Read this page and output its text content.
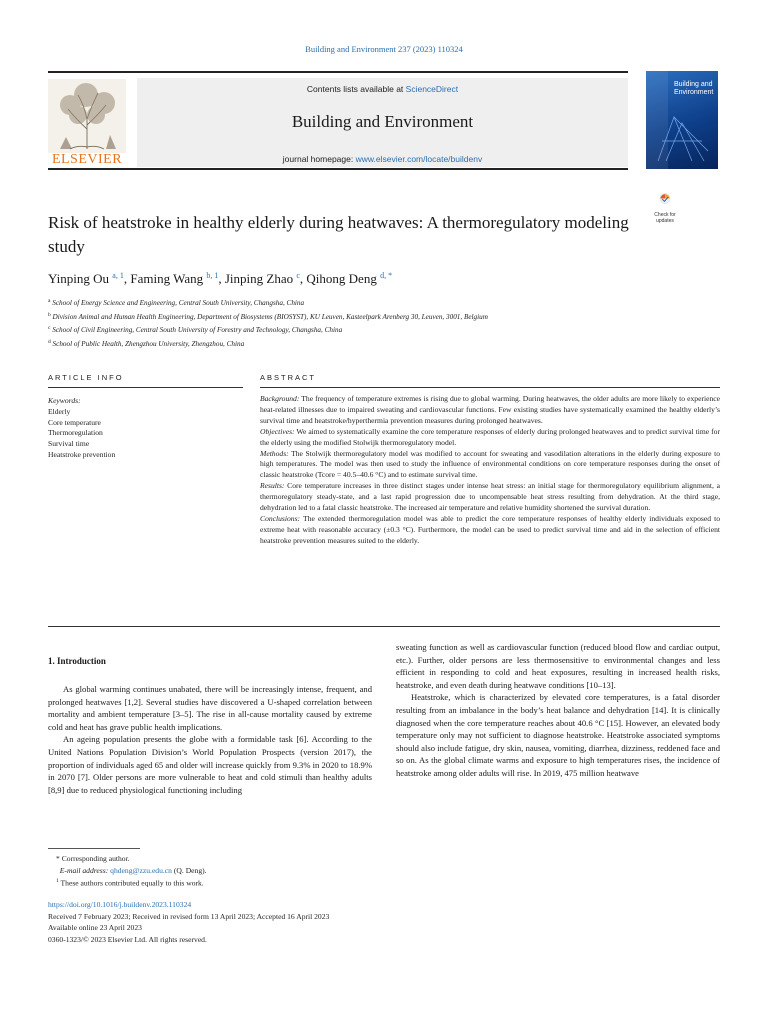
Building and Environment 237 (2023) 110324
ELSEVIER
Contents lists available at ScienceDirect
Building and Environment
journal homepage: www.elsevier.com/locate/buildenv
Building and Environment
Check for updates
Risk of heatstroke in healthy elderly during heatwaves: A thermoregulatory modeling study
Yinping Ou $^{a, 1}$, Faming Wang $^{b, 1}$, Jinping Zhao $^c$, Qihong Deng $^{d, *}$
$^a$ School of Energy Science and Engineering, Central South University, Changsha, China
$^b$ Division Animal and Human Health Engineering, Department of Biosystems (BIOSYST), KU Leuven, Kasteelpark Arenberg 30, Leuven, 3001, Belgium
$^c$ School of Civil Engineering, Central South University of Forestry and Technology, Changsha, China
$^d$ School of Public Health, Zhengzhou University, Zhengzhou, China
ARTICLE INFO	ABSTRACT
Keywords:
Elderly
Core temperature
Thermoregulation
Survival time
Heatstroke prevention

Background: The frequency of temperature extremes is rising due to global warming. During heatwaves, the older adults are more likely to experience heat-related illnesses due to impaired sweating and cardiovascular functions. Few existing studies have systematically examined the healthy elderly’s survival time and heatstroke/hyperthermia prevention measures during prolonged heatwaves.

Objectives: We aimed to systematically examine the core temperature responses of elderly during prolonged heatwaves and to predict survival time for the elderly using the modified Stolwijk thermoregulatory model.

Methods: The Stolwijk thermoregulatory model was modified to account for sweating and vasodilation alterations in the elderly during exposure to high temperatures. The model was then used to study the influence of environmental conditions on core temperature responses during the onset of classic heatstroke (Tcore = 40.5–40.6 °C) and to estimate survival time.

Results: Core temperature increases in three distinct stages under intense heat stress: an initial stage for thermoregulatory equilibrium alignment, a thermoregulatory steady-state, and a last rapid progression due to uncompensable heat stress resulting from dehydration. At the third stage, dehydration led to a fatal classic heatstroke. The increased air temperature and relative humidity shortened the survival duration.

Conclusions: The extended thermoregulation model was able to predict the core temperature responses of healthy elderly individuals exposed to extreme heat with reasonable accuracy (±0.3 °C). Furthermore, the model can be used to predict survival time and aid in the selection of efficient heatstroke prevention measures suited to the elderly.

1. Introduction

As global warming continues unabated, there will be increasingly intense, frequent, and prolonged heatwaves [1,2]. Several studies have discovered a U-shaped correlation between mortality and ambient temperature [3–5]. The rise in all-cause mortality caused by extreme cold and heat has grave public health implications.

An ageing population presents the globe with a formidable task [6]. According to the United Nations Population Division’s World Population Prospects (version 2017), the proportion of individuals aged 65 and older will increase quickly from 9.3% in 2020 to 18.9% in 2070 [7]. Older persons are more vulnerable to heat and cold stimuli than healthy adults [8,9] due to reduced physiological functioning including

sweating function as well as cardiovascular function (reduced blood flow and cardiac output, etc.). Further, older persons are less thermosensitive to environmental changes and less efficient in responding to cold and heat exposures, resulting in increased health risks, heatstroke, and even death during heatwave conditions [10–13].

Heatstroke, which is characterized by elevated core temperatures, is a fatal disorder resulting from an imbalance in the body’s heat balance and dehydration [14]. It is clinically diagnosed when the core temperature reaches about 40.6 °C [15]. However, an elevated body temperature only may not sufficient to diagnose heatstroke. Heatstroke associated symptoms should also include fatigue, dry skin, nausea, vomiting, diarrhea, dizziness, reddened face and so on. As the global climate warms and exposure to high temperatures rises, the incidence of heatstroke among older adults will rise. In 2019, 475 million heatwave

* Corresponding author.
E-mail address: qhdeng@zzu.edu.cn (Q. Deng).
$^1$ These authors contributed equally to this work.
https://doi.org/10.1016/j.buildenv.2023.110324
Received 7 February 2023; Received in revised form 13 April 2023; Accepted 16 April 2023
Available online 23 April 2023
0360-1323/© 2023 Elsevier Ltd. All rights reserved.
